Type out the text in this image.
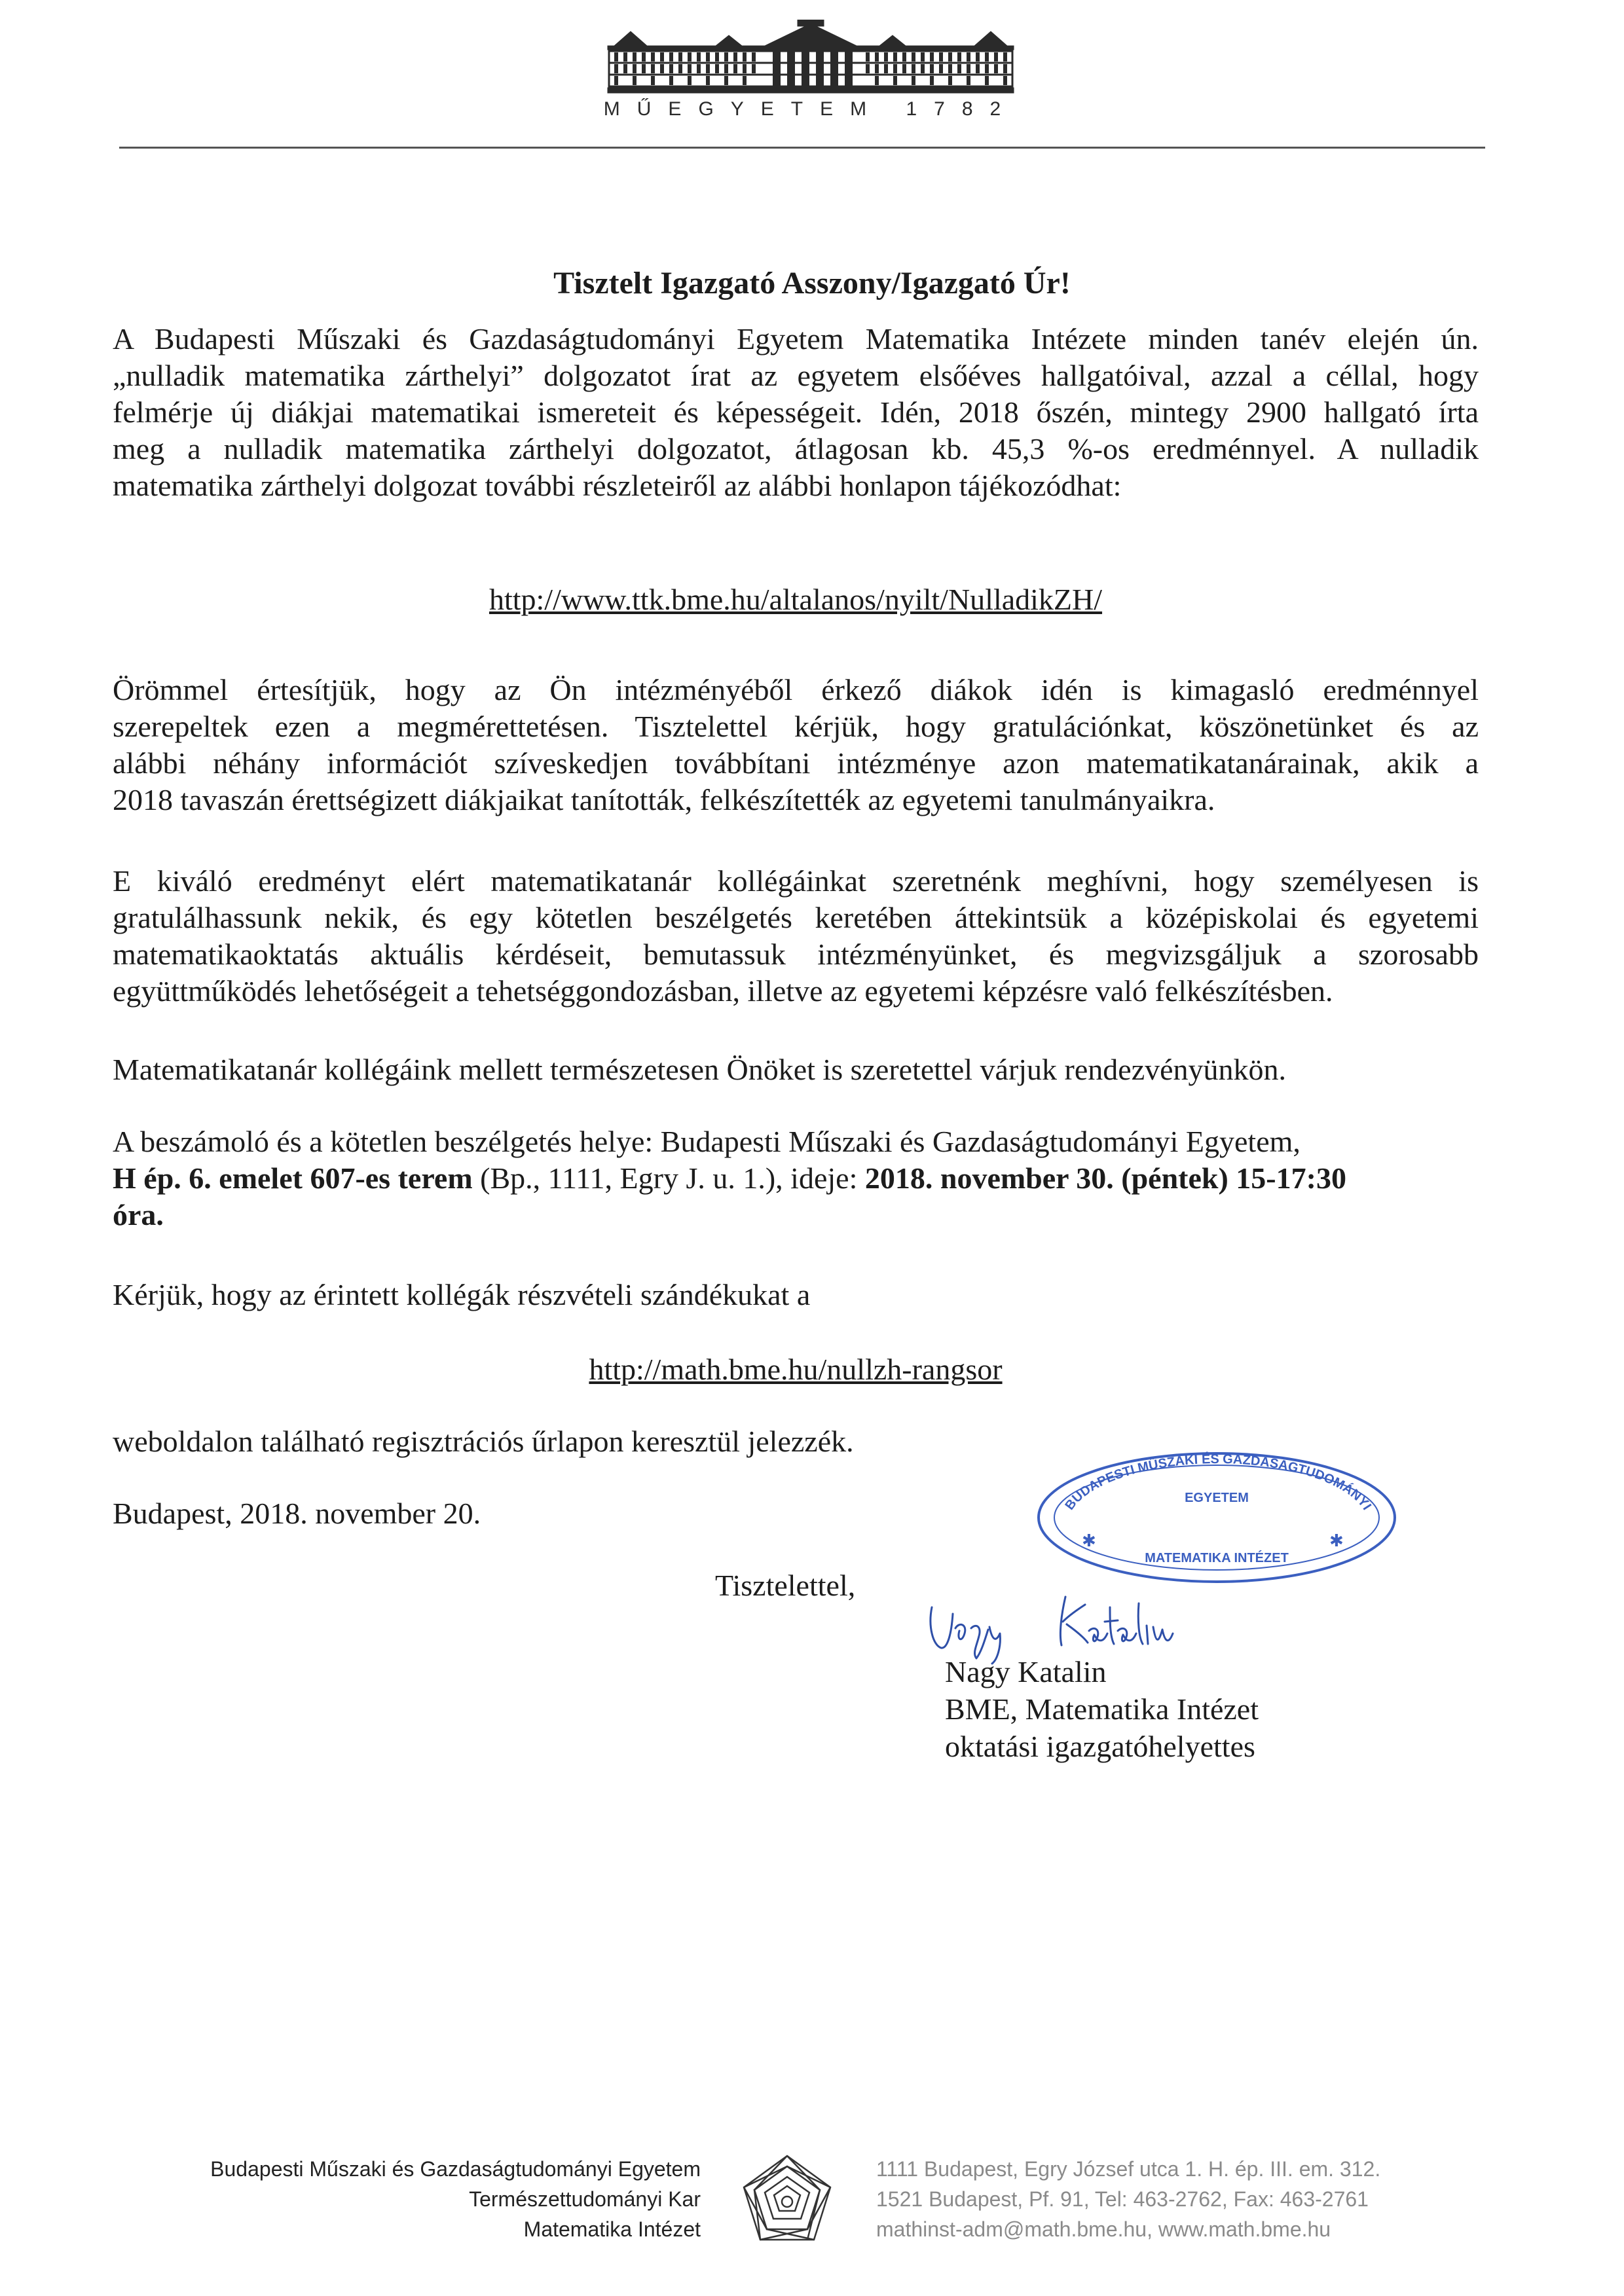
MŰEGYETEM 1782
Tisztelt Igazgató Asszony/Igazgató Úr!
A Budapesti Műszaki és Gazdaságtudományi Egyetem Matematika Intézete minden tanév elején ún.
„nulladik matematika zárthelyi” dolgozatot írat az egyetem elsőéves hallgatóival, azzal a céllal, hogy
felmérje új diákjai matematikai ismereteit és képességeit. Idén, 2018 őszén, mintegy 2900 hallgató írta
meg a nulladik matematika zárthelyi dolgozatot, átlagosan kb. 45,3 %-os eredménnyel. A nulladik
matematika zárthelyi dolgozat további részleteiről az alábbi honlapon tájékozódhat:
http://www.ttk.bme.hu/altalanos/nyilt/NulladikZH/
Örömmel értesítjük, hogy az Ön intézményéből érkező diákok idén is kimagasló eredménnyel
szerepeltek ezen a megmérettetésen. Tisztelettel kérjük, hogy gratulációnkat, köszönetünket és az
alábbi néhány információt szíveskedjen továbbítani intézménye azon matematikatanárainak, akik a
2018 tavaszán érettségizett diákjaikat tanították, felkészítették az egyetemi tanulmányaikra.
E kiváló eredményt elért matematikatanár kollégáinkat szeretnénk meghívni, hogy személyesen is
gratulálhassunk nekik, és egy kötetlen beszélgetés keretében áttekintsük a középiskolai és egyetemi
matematikaoktatás aktuális kérdéseit, bemutassuk intézményünket, és megvizsgáljuk a szorosabb
együttműködés lehetőségeit a tehetséggondozásban, illetve az egyetemi képzésre való felkészítésben.
Matematikatanár kollégáink mellett természetesen Önöket is szeretettel várjuk rendezvényünkön.
A beszámoló és a kötetlen beszélgetés helye: Budapesti Műszaki és Gazdaságtudományi Egyetem,
H ép. 6. emelet 607-es terem (Bp., 1111, Egry J. u. 1.), ideje: 2018. november 30. (péntek) 15-17:30
óra.
Kérjük, hogy az érintett kollégák részvételi szándékukat a
http://math.bme.hu/nullzh-rangsor
weboldalon található regisztrációs űrlapon keresztül jelezzék.
Budapest, 2018. november 20.	BUDAPESTI MŰSZAKI ÉS GAZDASÁGTUDOMÁNYI
EGYETEM
MATEMATIKA INTÉZET
✱	✱
Tisztelettel,
Nagy Katalin
BME, Matematika Intézet
oktatási igazgatóhelyettes
Budapesti Műszaki és Gazdaságtudományi Egyetem
Természettudományi Kar
Matematika Intézet
1111 Budapest, Egry József utca 1. H. ép. III. em. 312.
1521 Budapest, Pf. 91, Tel: 463-2762, Fax: 463-2761
mathinst-adm@math.bme.hu, www.math.bme.hu
